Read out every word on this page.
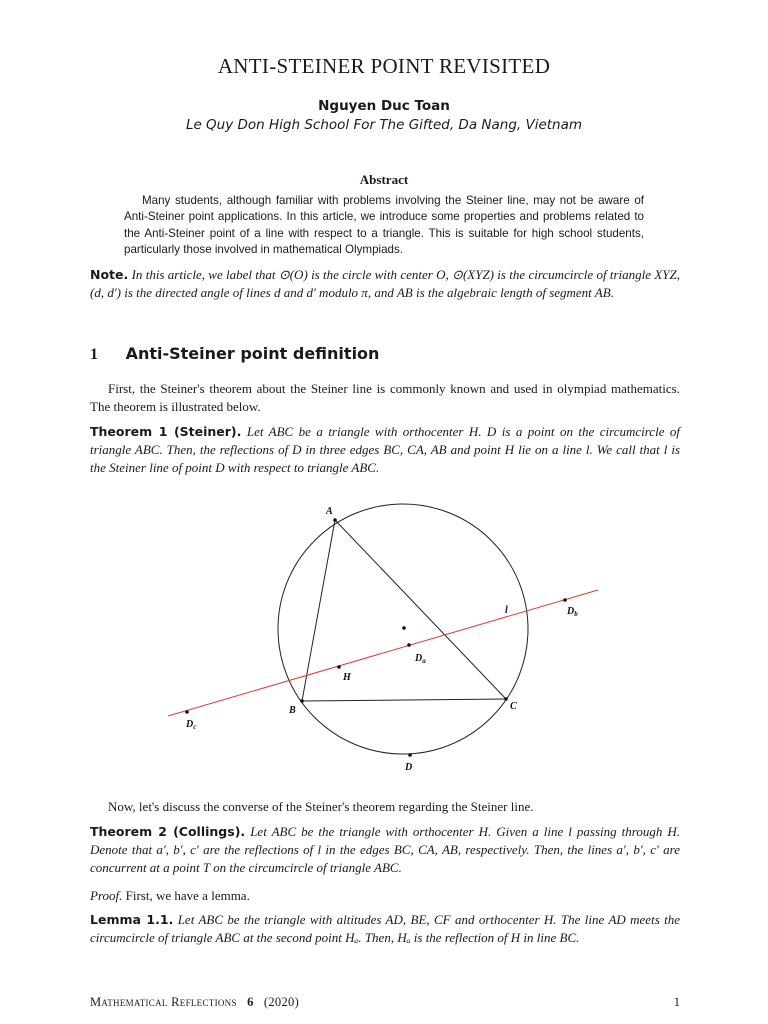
ANTI-STEINER POINT REVISITED
Nguyen Duc Toan
Le Quy Don High School For The Gifted, Da Nang, Vietnam
Abstract
Many students, although familiar with problems involving the Steiner line, may not be aware of Anti-Steiner point applications. In this article, we introduce some properties and problems related to the Anti-Steiner point of a line with respect to a triangle. This is suitable for high school students, particularly those involved in mathematical Olympiads.
Note. In this article, we label that ⊙(O) is the circle with center O, ⊙(XYZ) is the circumcircle of triangle XYZ, (d, d′) is the directed angle of lines d and d′ modulo π, and AB is the algebraic length of segment AB.
1 Anti-Steiner point definition
First, the Steiner's theorem about the Steiner line is commonly known and used in olympiad mathematics. The theorem is illustrated below.
Theorem 1 (Steiner). Let ABC be a triangle with orthocenter H. D is a point on the circumcircle of triangle ABC. Then, the reflections of D in three edges BC, CA, AB and point H lie on a line l. We call that l is the Steiner line of point D with respect to triangle ABC.
A
B	C
D
H
l
$D_a$
$D_b$
$D_c$
Now, let's discuss the converse of the Steiner's theorem regarding the Steiner line.
Theorem 2 (Collings). Let ABC be the triangle with orthocenter H. Given a line l passing through H. Denote that a′, b′, c′ are the reflections of l in the edges BC, CA, AB, respectively. Then, the lines a′, b′, c′ are concurrent at a point T on the circumcircle of triangle ABC.
Proof. First, we have a lemma.
Lemma 1.1. Let ABC be the triangle with altitudes AD, BE, CF and orthocenter H. The line AD meets the circumcircle of triangle ABC at the second point Hₐ. Then, Hₐ is the reflection of H in line BC.
Mathematical Reflections 6 (2020)	1
